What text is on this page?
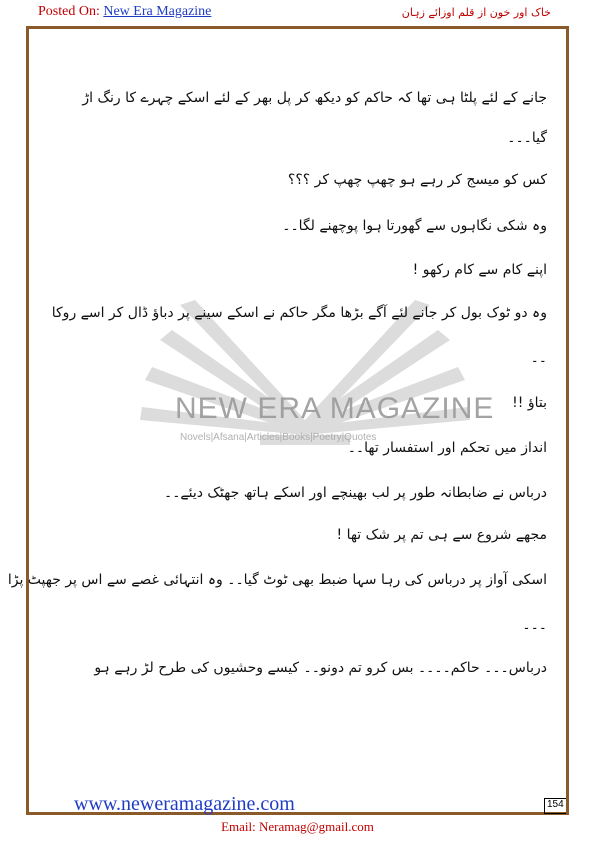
Posted On: New Era Magazine	خاک اور خون از قلم اوزائے زہان
NEW ERA MAGAZINE
Novels|Afsana|Articles|Books|Poetry|Quotes
جانے کے لئے پلٹا ہی تھا کہ حاکم کو دیکھ کر پل بھر کے لئے اسکے چہرے کا رنگ اڑ
گیا۔۔۔
کس کو میسج کر رہے ہو چھپ چھپ کر ؟؟؟
وہ شکی نگاہوں سے گھورتا ہوا پوچھنے لگا۔۔
اپنے کام سے کام رکھو !
وہ دو ٹوک بول کر جانے لئے آگے بڑھا مگر حاکم نے اسکے سینے پر دباؤ ڈال کر اسے روکا
۔۔
بتاؤ !!
انداز میں تحکم اور استفسار تھا۔۔
درباس نے ضابطانہ طور پر لب بھینچے اور اسکے ہاتھ جھٹک دیئے۔۔
مجھے شروع سے ہی تم پر شک تھا !
اسکی آواز پر درباس کی رہا سہا ضبط بھی ٹوٹ گیا۔۔ وہ انتہائی غصے سے اس پر جھپٹ پڑا
۔۔۔
درباس۔۔۔ حاکم۔۔۔۔ بس کرو تم دونو۔۔ کیسے وحشیوں کی طرح لڑ رہے ہو
www.neweramagazine.com	154
Email: Neramag@gmail.com
